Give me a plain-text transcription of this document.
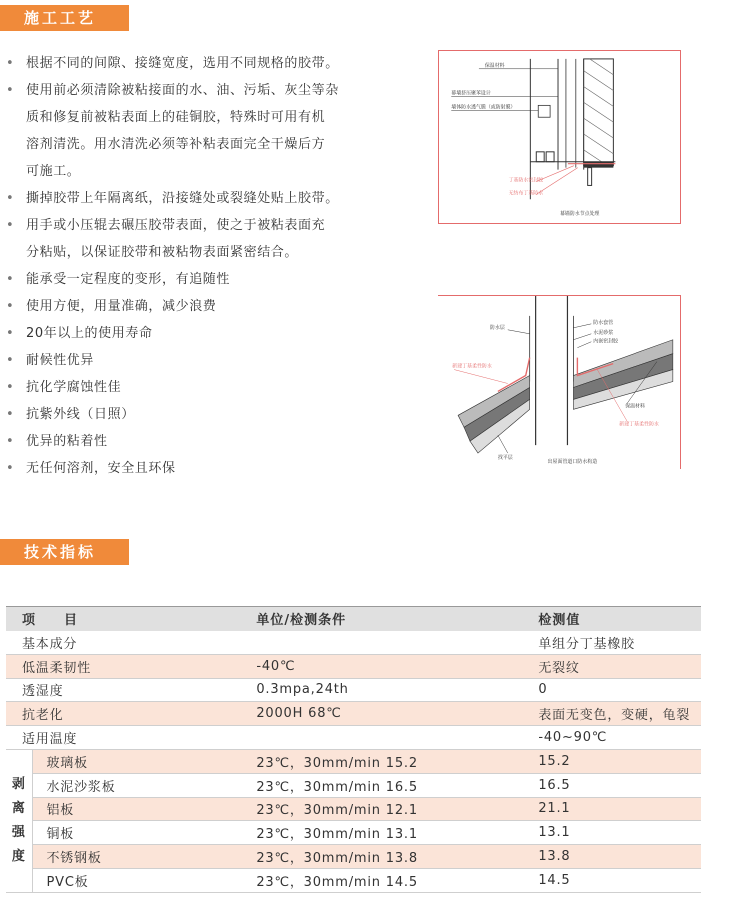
施工工艺
• 根据不同的间隙、接缝宽度，选用不同规格的胶带。
• 使用前必须清除被粘接面的水、油、污垢、灰尘等杂
质和修复前被粘表面上的硅铜胶，特殊时可用有机
溶剂清洗。用水清洗必须等补粘表面完全干燥后方
可施工。
• 撕掉胶带上年隔离纸，沿接缝处或裂缝处贴上胶带。
• 用手或小压辊去碾压胶带表面，使之于被粘表面充
分粘贴，以保证胶带和被粘物表面紧密结合。
• 能承受一定程度的变形，有追随性
• 使用方便，用量准确，减少浪费
• 20年以上的使用寿命
• 耐候性优异
• 抗化学腐蚀性佳
• 抗紫外线（日照）
• 优异的粘着性
• 无任何溶剂，安全且环保
保温材料
幕墙挤压聚苯设计
墙体防水透气膜（或防射膜）
丁基防水密封胶
无纺布丁基防水
幕墙防水节点处理
防水层
防水套管
水泥砂浆
内嵌密封胶
新建丁基柔性防水
保温材料
新建丁基柔性防水
找平层
出屋面管道口防水构造
技术指标
项　　目		单位/检测条件	检测值
基本成分			单组分丁基橡胶
低温柔韧性		-40℃	无裂纹
透湿度		0.3mpa,24th	0
抗老化		2000H 68℃	表面无变色，变硬，龟裂
适用温度			-40~90℃

剥
离
强
度	玻璃板	23℃，30mm/min 15.2	15.2
	水泥沙浆板	23℃，30mm/min 16.5	16.5
	铝板	23℃，30mm/min 12.1	21.1
	铜板	23℃，30mm/min 13.1	13.1
	不锈钢板	23℃，30mm/min 13.8	13.8
	PVC板	23℃，30mm/min 14.5	14.5
